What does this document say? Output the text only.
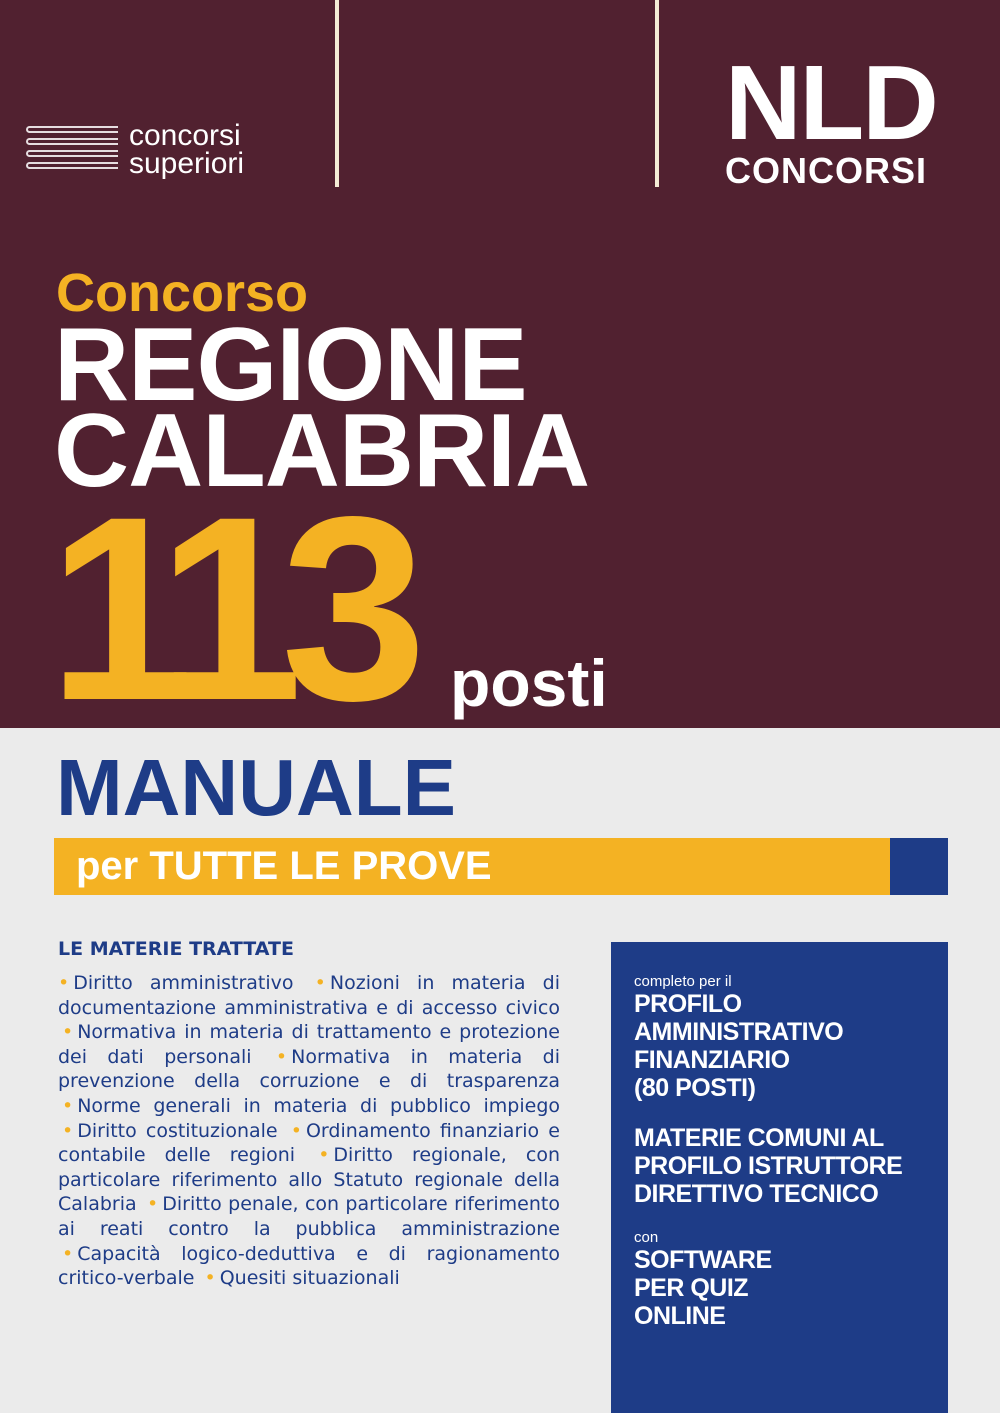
concorsi
superiori
NLD
CONCORSI
Concorso
REGIONE
CALABRIA
113 posti
MANUALE
per TUTTE LE PROVE
LE MATERIE TRATTATE
• Diritto amministrativo • Nozioni in materia di documentazione amministrativa e di accesso civico • Normativa in materia di trattamento e protezione dei dati personali • Normativa in materia di prevenzione della corruzione e di trasparenza • Norme generali in materia di pubblico impiego • Diritto costituzionale • Ordinamento finanziario e contabile delle regioni • Diritto regionale, con particolare riferimento allo Statuto regionale della Calabria • Diritto penale, con particolare riferimento ai reati contro la pubblica amministrazione • Capacità logico-deduttiva e di ragionamento critico-verbale • Quesiti situazionali
completo per il
PROFILO
AMMINISTRATIVO
FINANZIARIO
(80 POSTI)
MATERIE COMUNI AL
PROFILO ISTRUTTORE
DIRETTIVO TECNICO
con
SOFTWARE
PER QUIZ
ONLINE
